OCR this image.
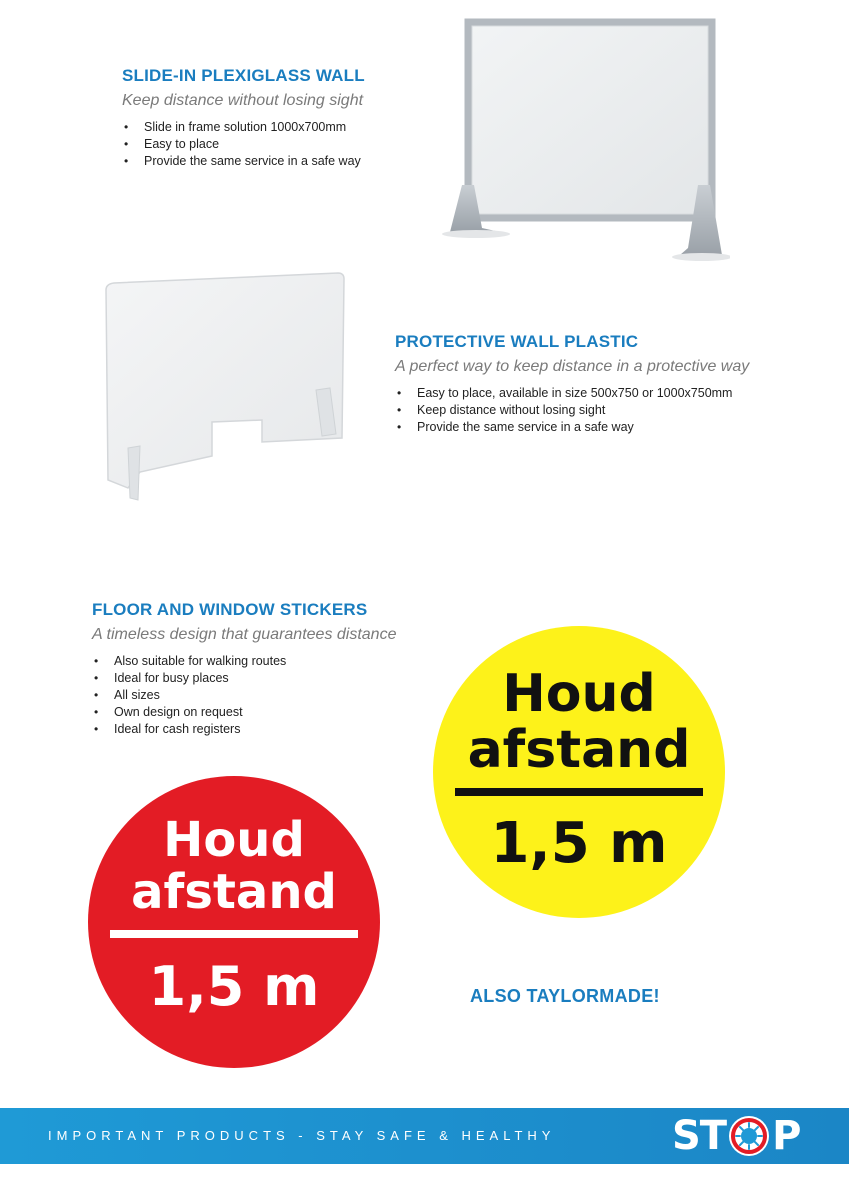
SLIDE-IN PLEXIGLASS WALL

Keep distance without losing sight

• Slide in frame solution 1000x700mm
• Easy to place
• Provide the same service in a safe way
PROTECTIVE WALL PLASTIC

A perfect way to keep distance in a protective way

• Easy to place, available in size 500x750 or 1000x750mm
• Keep distance without losing sight
• Provide the same service in a safe way
FLOOR AND WINDOW STICKERS

A timeless design that guarantees distance

• Also suitable for walking routes
• Ideal for busy places
• All sizes
• Own design on request
• Ideal for cash registers
Houd
afstand
1,5 m
Houd
afstand
1,5 m	ALSO TAYLORMADE!
IMPORTANT PRODUCTS - STAY SAFE & HEALTHY	ST P
